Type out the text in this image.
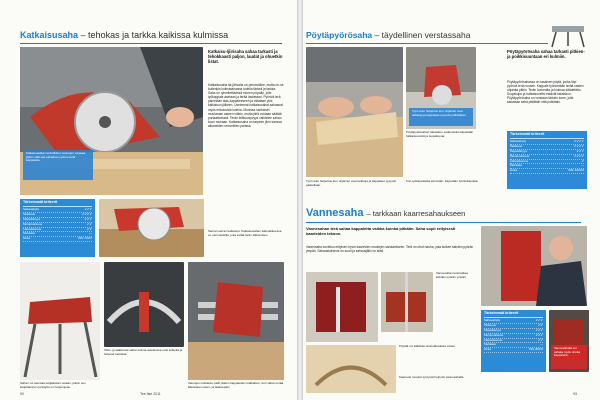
Katkaisusaha – tehokas ja tarkka kaikissa kulmissa
Katkaisusahan terä liikkuu vaunujen varassa, jolloin sillä saa sahattua myös leveitä kappaleita.
Katkaisu-/jiirisaha sahaa tarkasti ja tehokkaasti paljon, laudat ja ohuetkin listat.
Katkaisusaha tai-jiirisaha on perusväline, mutta on-se kuitenkin kulmasahaana todella tärkeä ja tarkka. Saha on ryhmitettävissä monen pöydän, jolle työkappale asetaan ja terää lasketaan. Pyörivä terä painetaan alas kappaleeseen ja mitataan ylös katkaisun jälkeen. Useimmat katkaisusahat sahaavat myös erikokoisia kulmia. Monissa lukitukset muutaman asteen välein, mutta jiiriä voidaan säätää portaattomasti. Terän leikkuusyvyys vaihtelee sahan koon mukaan. Katkaisusaha on tarpeen jiirin kanssa alkaneiden remonttien parissa.
Tärkeimmät kriteerit
Sahauskyky	✔✔✔
Tarkkuus	✔✔✔✔
Käytettävyys	✔✔✔
Monipuolisuus	✔✔
Liikuteltavuus	✔✔
Melutaso	—
Hinta	150–700 €
Saman kerran katkaistu: Katkaisusahan lukkolaitteessa on varmuuskiila, joka estää terän liikkumisen.
Sahan voi asentaa tukijalustan varaan, jolloin sen kuljettaminen ja käyttö on helpompaa.
Viilto- ja säätöosat sahan kulma-asteikossa ovat selkeitä ja helposti luettavia.
Vaunujen tukitanko sallii pitkien kappaleiden katkaisun, kun sahan terää liikutetaan eteen- ja taaksepäin.
90	Tee Itse 2011
Pöytäpyörösaha – täydellinen verstassaha
Työn teko helpottuu kun ohjaimet ovat tarkkoja ja kappaleet pysyvät paikoillaan.
Pöytäpyörösahan takaiskun estämiseksi käytetään halkaisuveistä ja suojakupua.
Pöytäpyörösaha sahaa tarkasti pitkien- ja poikkisuuntaan eri kulmiin.
Pöytäpyörösahassa on tasainen pöytä, jonka läpi pyörivä terä nousee. Kappale työnnetään terää vasten ohjainta pitkin. Terän korkeutta ja kulmaa säädetään. Suojakupu ja halkaisuveitsi estävät takaiskun. Pöytäpyörösaha on verstaan tärkein kone, jolla sahataan sekä pitkittäin että poikittain.
Tärkeimmät kriteerit
Sahauskyky	✔✔✔✔
Tarkkuus	✔✔✔✔
Käytettävyys	✔✔✔
Monipuolisuus	✔✔✔✔
Liikuteltavuus	✔
Melutaso	—
Hinta	100–1000 €
Työn teko helpottuu kun ohjaimet ovat tarkkoja ja kappaleet pysyvät paikoillaan.
Kun työkappaletta siirretään, käytetään työntökapulaa.
Vannesaha – tarkkaan kaarresahaukseen
Vannesahan terä sahaa kappaletta vaikka kuinka pitkään. Saha sopii erityisesti kaarteiden tekoon.
Vannesaha soveltuu erityisen hyvin kaarevien muotojen sahaamiseen. Terä on ohut nauha, joka kulkee kahden pyörän ympäri. Sahauskorkeus on suuri ja sahausjälki on siisti.
Vannesahan terä kulkee kahden pyörän ympäri.
Pöytää voi kallistaa viistosahauksia varten.
Kaarevat muodot syntyvät helposti vannesahalla.
Tärkeimmät kriteerit
Sahauskyky	✔✔✔
Tarkkuus	✔✔
Käytettävyys	✔✔✔
Monipuolisuus	✔✔✔
Liikuteltavuus	✔✔
Melutaso	—
Hinta	150–800 €	Vannesahalla voi sahata myös ohuita kappaleita.
93
